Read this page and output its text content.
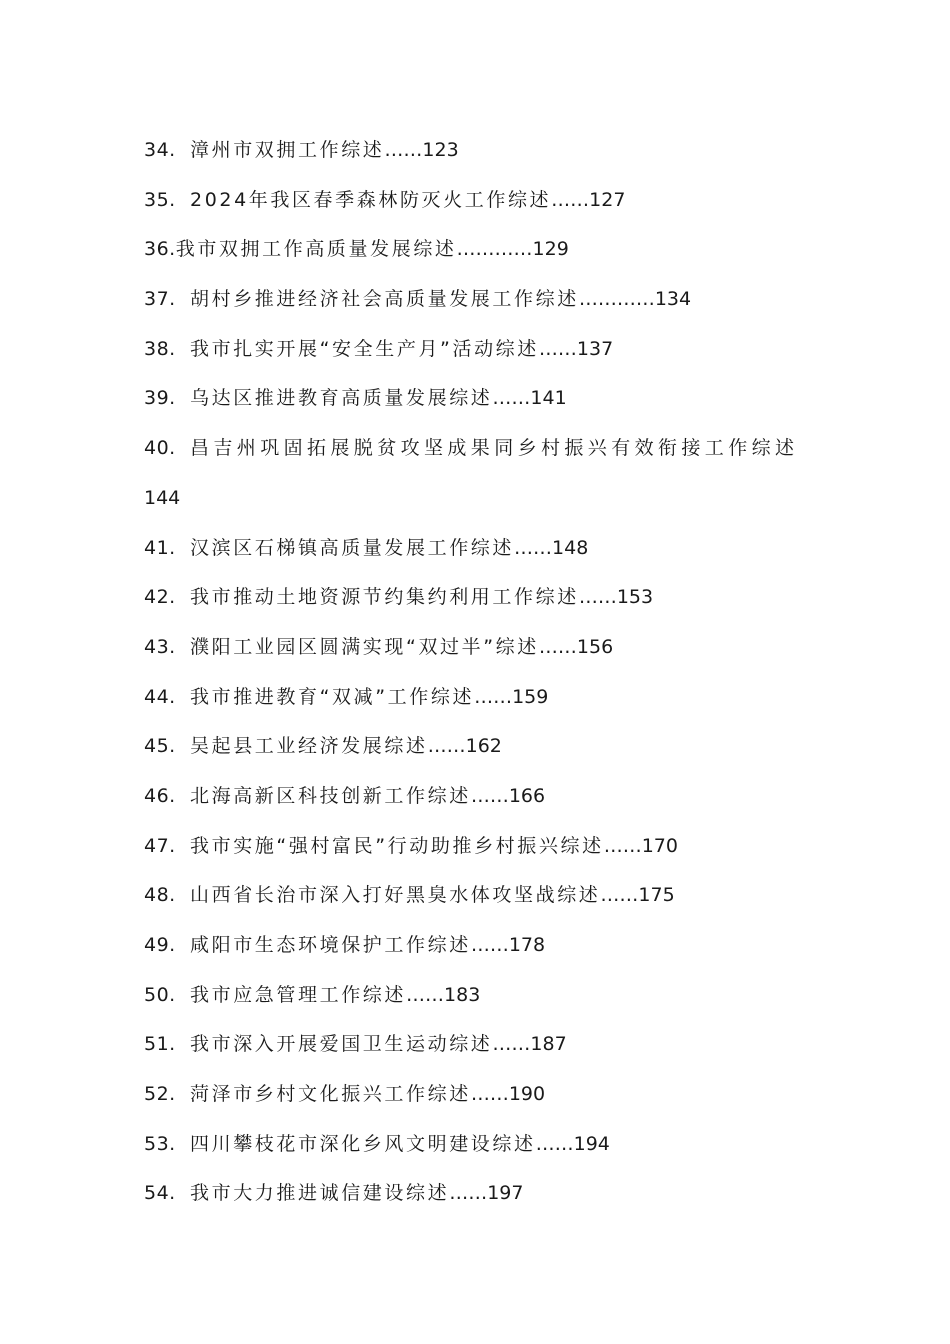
34. 漳州市双拥工作综述……123
35. 2024年我区春季森林防灭火工作综述……127
36.我市双拥工作高质量发展综述…………129
37. 胡村乡推进经济社会高质量发展工作综述…………134
38. 我市扎实开展“安全生产月”活动综述……137
39. 乌达区推进教育高质量发展综述……141
40. 昌吉州巩固拓展脱贫攻坚成果同乡村振兴有效衔接工作综述
144
41. 汉滨区石梯镇高质量发展工作综述……148
42. 我市推动土地资源节约集约利用工作综述……153
43. 濮阳工业园区圆满实现“双过半”综述……156
44. 我市推进教育“双减”工作综述……159
45. 吴起县工业经济发展综述……162
46. 北海高新区科技创新工作综述……166
47. 我市实施“强村富民”行动助推乡村振兴综述……170
48. 山西省长治市深入打好黑臭水体攻坚战综述……175
49. 咸阳市生态环境保护工作综述……178
50. 我市应急管理工作综述……183
51. 我市深入开展爱国卫生运动综述……187
52. 菏泽市乡村文化振兴工作综述……190
53. 四川攀枝花市深化乡风文明建设综述……194
54. 我市大力推进诚信建设综述……197
